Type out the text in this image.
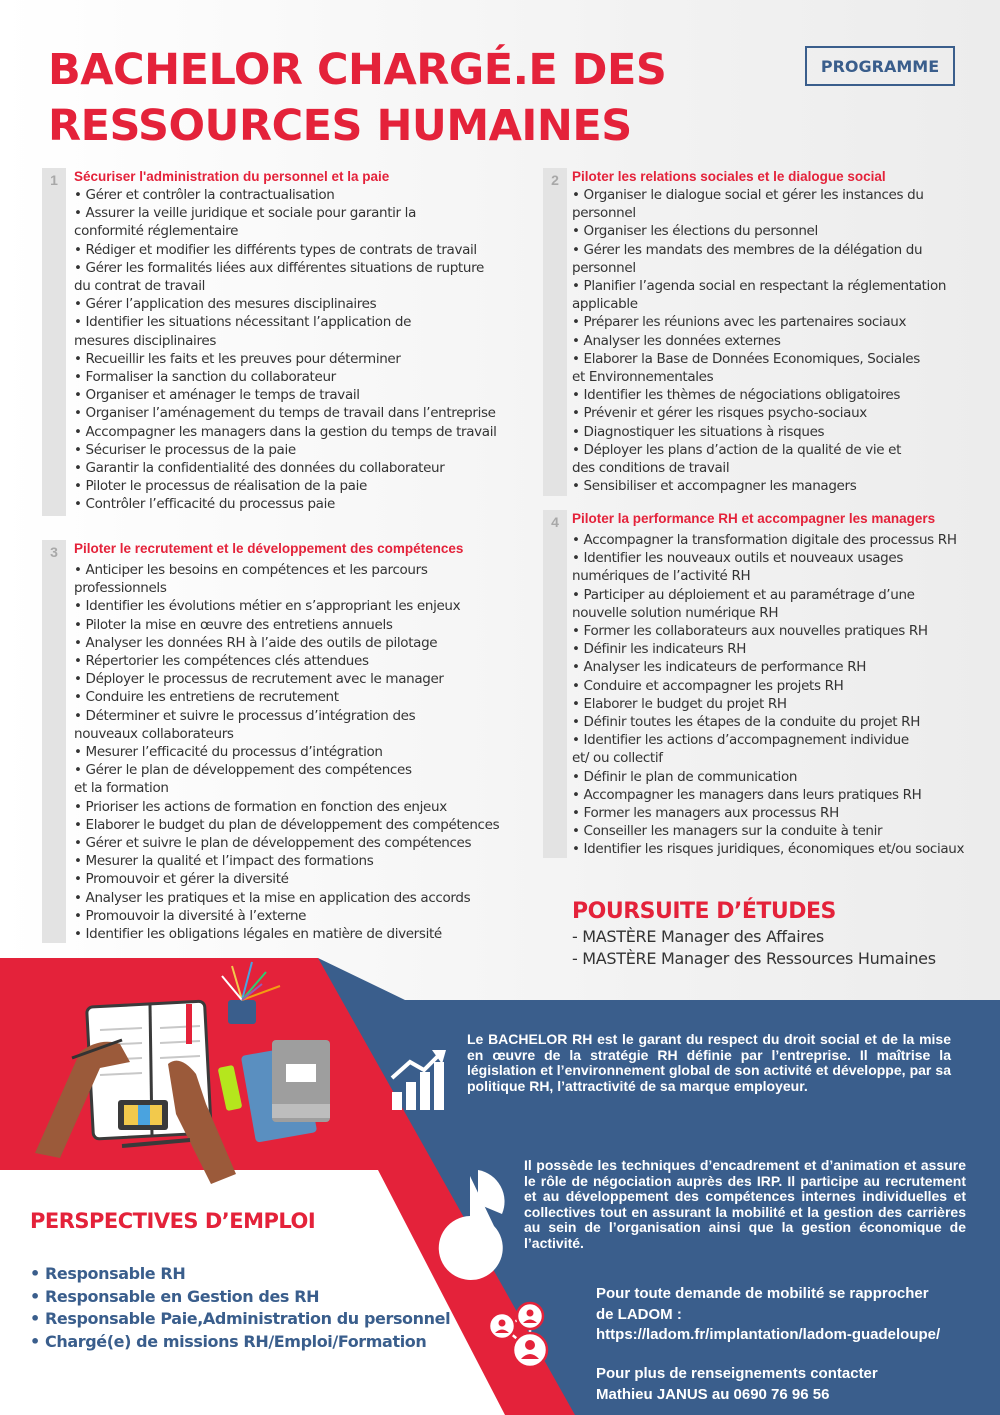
BACHELOR CHARGÉ.E DES
RESSOURCES HUMAINES
PROGRAMME
1	Sécuriser l'administration du personnel et la paie
• Gérer et contrôler la contractualisation
• Assurer la veille juridique et sociale pour garantir la
conformité réglementaire
• Rédiger et modifier les différents types de contrats de travail
• Gérer les formalités liées aux différentes situations de rupture
du contrat de travail
• Gérer l’application des mesures disciplinaires
• Identifier les situations nécessitant l’application de
mesures disciplinaires
• Recueillir les faits et les preuves pour déterminer
• Formaliser la sanction du collaborateur
• Organiser et aménager le temps de travail
• Organiser l’aménagement du temps de travail dans l’entreprise
• Accompagner les managers dans la gestion du temps de travail
• Sécuriser le processus de la paie
• Garantir la confidentialité des données du collaborateur
• Piloter le processus de réalisation de la paie
• Contrôler l’efficacité du processus paie
2 Piloter les relations sociales et le dialogue social
• Organiser le dialogue social et gérer les instances du
personnel
• Organiser les élections du personnel
• Gérer les mandats des membres de la délégation du
personnel
• Planifier l’agenda social en respectant la réglementation
applicable
• Préparer les réunions avec les partenaires sociaux
• Analyser les données externes
• Elaborer la Base de Données Economiques, Sociales
et Environnementales
• Identifier les thèmes de négociations obligatoires
• Prévenir et gérer les risques psycho-sociaux
• Diagnostiquer les situations à risques
• Déployer les plans d’action de la qualité de vie et
des conditions de travail
• Sensibiliser et accompagner les managers
3	Piloter le recrutement et le développement des compétences
• Anticiper les besoins en compétences et les parcours
professionnels
• Identifier les évolutions métier en s’appropriant les enjeux
• Piloter la mise en œuvre des entretiens annuels
• Analyser les données RH à l’aide des outils de pilotage
• Répertorier les compétences clés attendues
• Déployer le processus de recrutement avec le manager
• Conduire les entretiens de recrutement
• Déterminer et suivre le processus d’intégration des
nouveaux collaborateurs
• Mesurer l’efficacité du processus d’intégration
• Gérer le plan de développement des compétences
et la formation
• Prioriser les actions de formation en fonction des enjeux
• Elaborer le budget du plan de développement des compétences
• Gérer et suivre le plan de développement des compétences
• Mesurer la qualité et l’impact des formations
• Promouvoir et gérer la diversité
• Analyser les pratiques et la mise en application des accords
• Promouvoir la diversité à l’externe
• Identifier les obligations légales en matière de diversité
4 Piloter la performance RH et accompagner les managers
• Accompagner la transformation digitale des processus RH
• Identifier les nouveaux outils et nouveaux usages
numériques de l’activité RH
• Participer au déploiement et au paramétrage d’une
nouvelle solution numérique RH
• Former les collaborateurs aux nouvelles pratiques RH
• Définir les indicateurs RH
• Analyser les indicateurs de performance RH
• Conduire et accompagner les projets RH
• Elaborer le budget du projet RH
• Définir toutes les étapes de la conduite du projet RH
• Identifier les actions d’accompagnement individue
et/ ou collectif
• Définir le plan de communication
• Accompagner les managers dans leurs pratiques RH
• Former les managers aux processus RH
• Conseiller les managers sur la conduite à tenir
• Identifier les risques juridiques, économiques et/ou sociaux
POURSUITE D’ÉTUDES
- MASTÈRE Manager des Affaires
- MASTÈRE Manager des Ressources Humaines
Le BACHELOR RH est le garant du respect du droit social et de la mise en œuvre de la stratégie RH définie par l’entreprise. Il maîtrise la législation et l’environnement global de son activité et développe, par sa politique RH, l’attractivité de sa marque employeur.
Il possède les techniques d’encadrement et d’animation et assure le rôle de négociation auprès des IRP. Il participe au recrutement et au développement des compétences internes individuelles et collectives tout en assurant la mobilité et la gestion des carrières au sein de l’organisation ainsi que la gestion économique de l’activité.
PERSPECTIVES D’EMPLOI
• Responsable RH
• Responsable en Gestion des RH
• Responsable Paie,Administration du personnel
• Chargé(e) de missions RH/Emploi/Formation
Pour toute demande de mobilité se rapprocher
de LADOM :
https://ladom.fr/implantation/ladom-guadeloupe/
Pour plus de renseignements contacter
Mathieu JANUS au 0690 76 96 56
